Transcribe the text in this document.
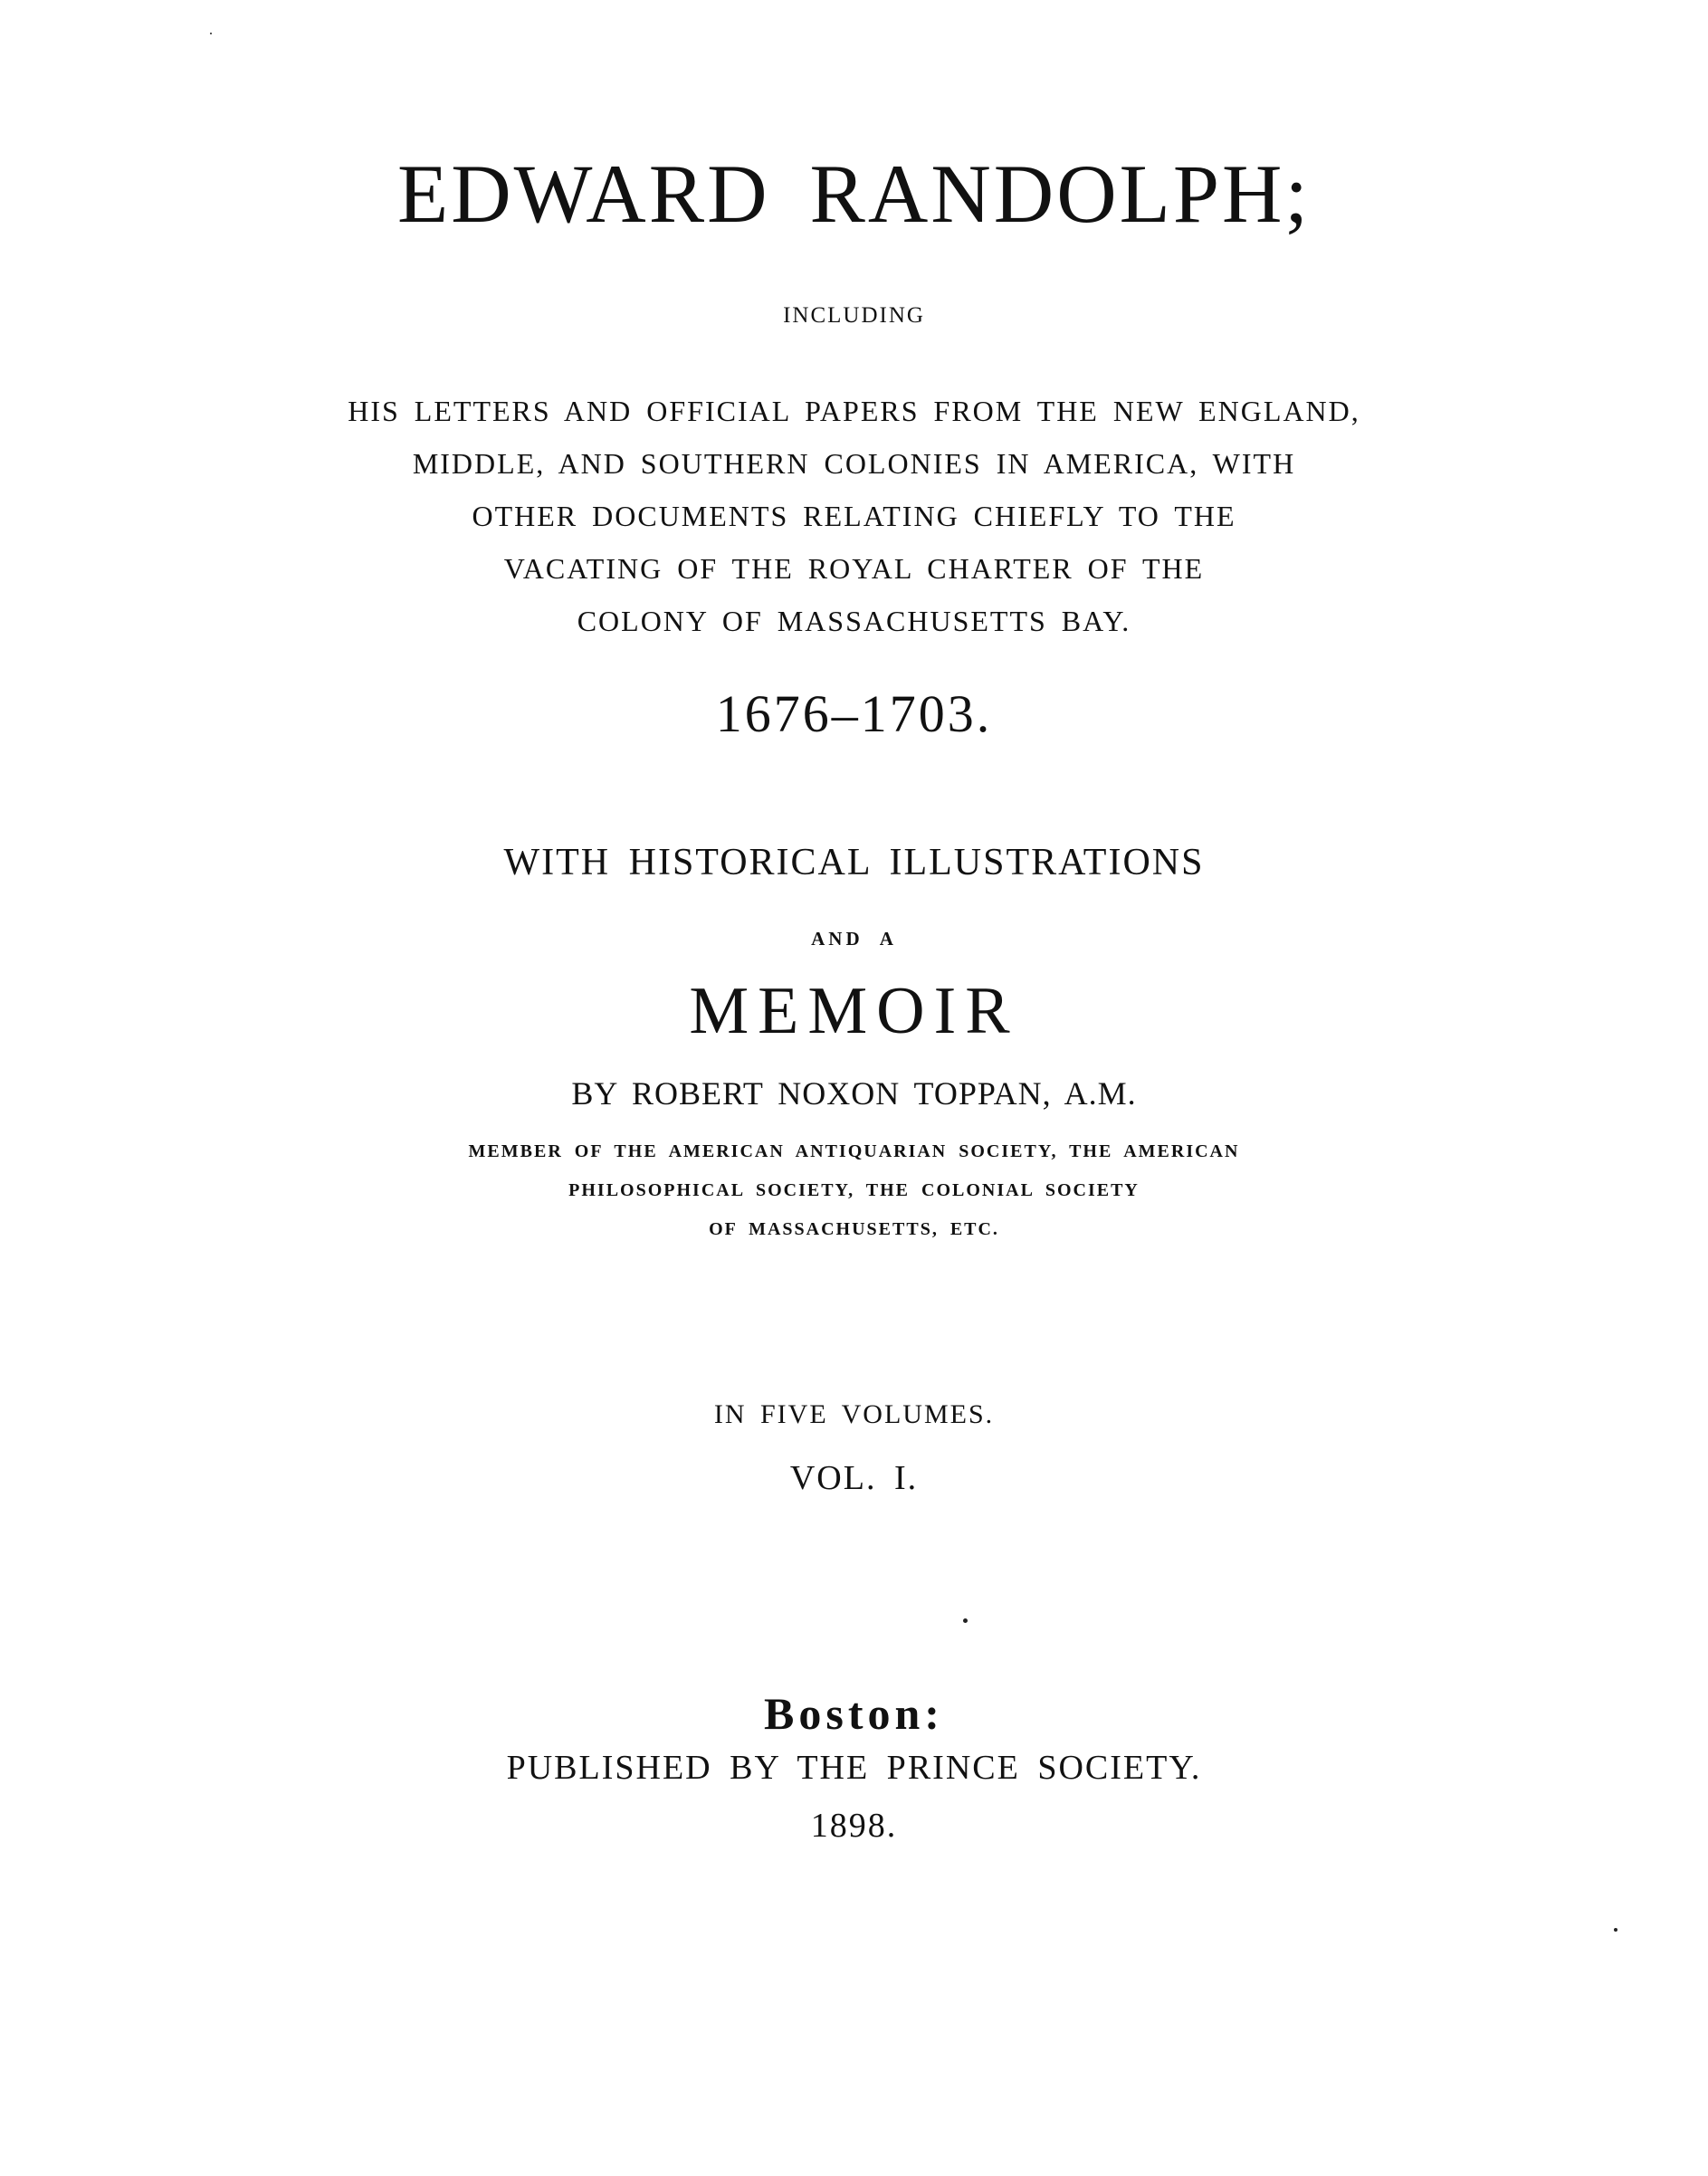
EDWARD RANDOLPH;
INCLUDING
HIS LETTERS AND OFFICIAL PAPERS FROM THE NEW ENGLAND,
MIDDLE, AND SOUTHERN COLONIES IN AMERICA, WITH
OTHER DOCUMENTS RELATING CHIEFLY TO THE
VACATING OF THE ROYAL CHARTER OF THE
COLONY OF MASSACHUSETTS BAY.
1676–1703.
WITH HISTORICAL ILLUSTRATIONS
AND A
MEMOIR
BY ROBERT NOXON TOPPAN, A.M.
MEMBER OF THE AMERICAN ANTIQUARIAN SOCIETY, THE AMERICAN
PHILOSOPHICAL SOCIETY, THE COLONIAL SOCIETY
OF MASSACHUSETTS, ETC.
IN FIVE VOLUMES.
VOL. I.
Boston:
PUBLISHED BY THE PRINCE SOCIETY.
1898.
